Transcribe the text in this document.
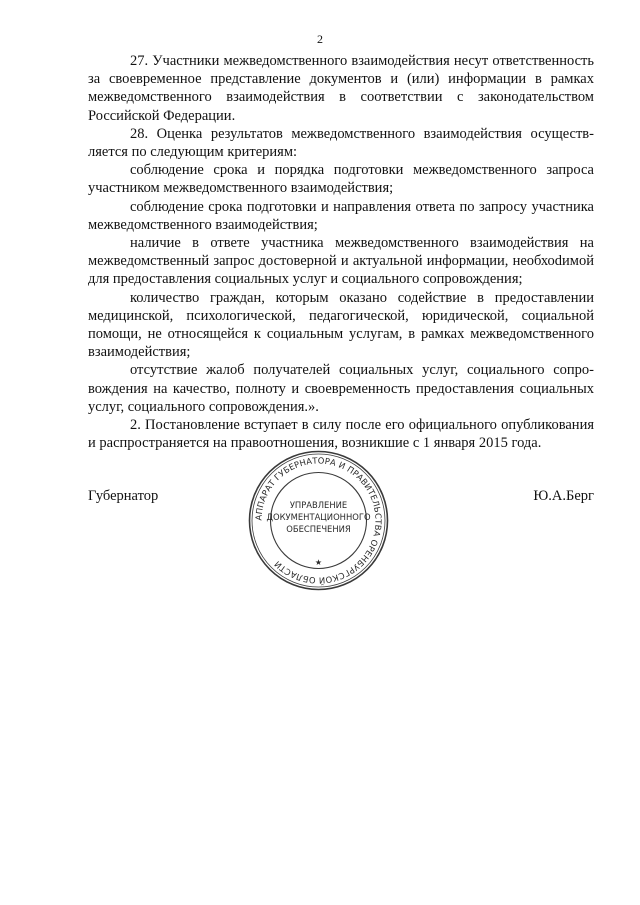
2

27. Участники межведомственного взаимодействия несут ответственность за своевременное представление документов и (или) информации в рамках межведомственного взаимодействия в соответствии с законодательством Российской Федерации.

28. Оценка результатов межведомственного взаимодействия осуществляется по следующим критериям:

соблюдение срока и порядка подготовки межведомственного запроса участником межведомственного взаимодействия;

соблюдение срока подготовки и направления ответа по запросу участника межведомственного взаимодействия;

наличие в ответе участника межведомственного взаимодействия на межведомственный запрос достоверной и актуальной информации, необхоdимой для предоставления социальных услуг и социального сопровождения;

количество граждан, которым оказано содействие в предоставлении медицинской, психологической, педагогической, юридической, социальной помощи, не относящейся к социальным услугам, в рамках межведомственного взаимодействия;

отсутствие жалоб получателей социальных услуг, социального сопровождения на качество, полноту и своевременность предоставления социальных услуг, социального сопровождения.».

2. Постановление вступает в силу после его официального опубликования и распространяется на правоотношения, возникшие с 1 января 2015 года.

Губернатор
АППАРАТ ГУБЕРНАТОРА И ПРАВИТЕЛЬСТВА ОРЕНБУРГСКОЙ ОБЛАСТИ
УПРАВЛЕНИЕ
ДОКУМЕНТАЦИОННОГО
ОБЕСПЕЧЕНИЯ
★
Ю.А.Берг
